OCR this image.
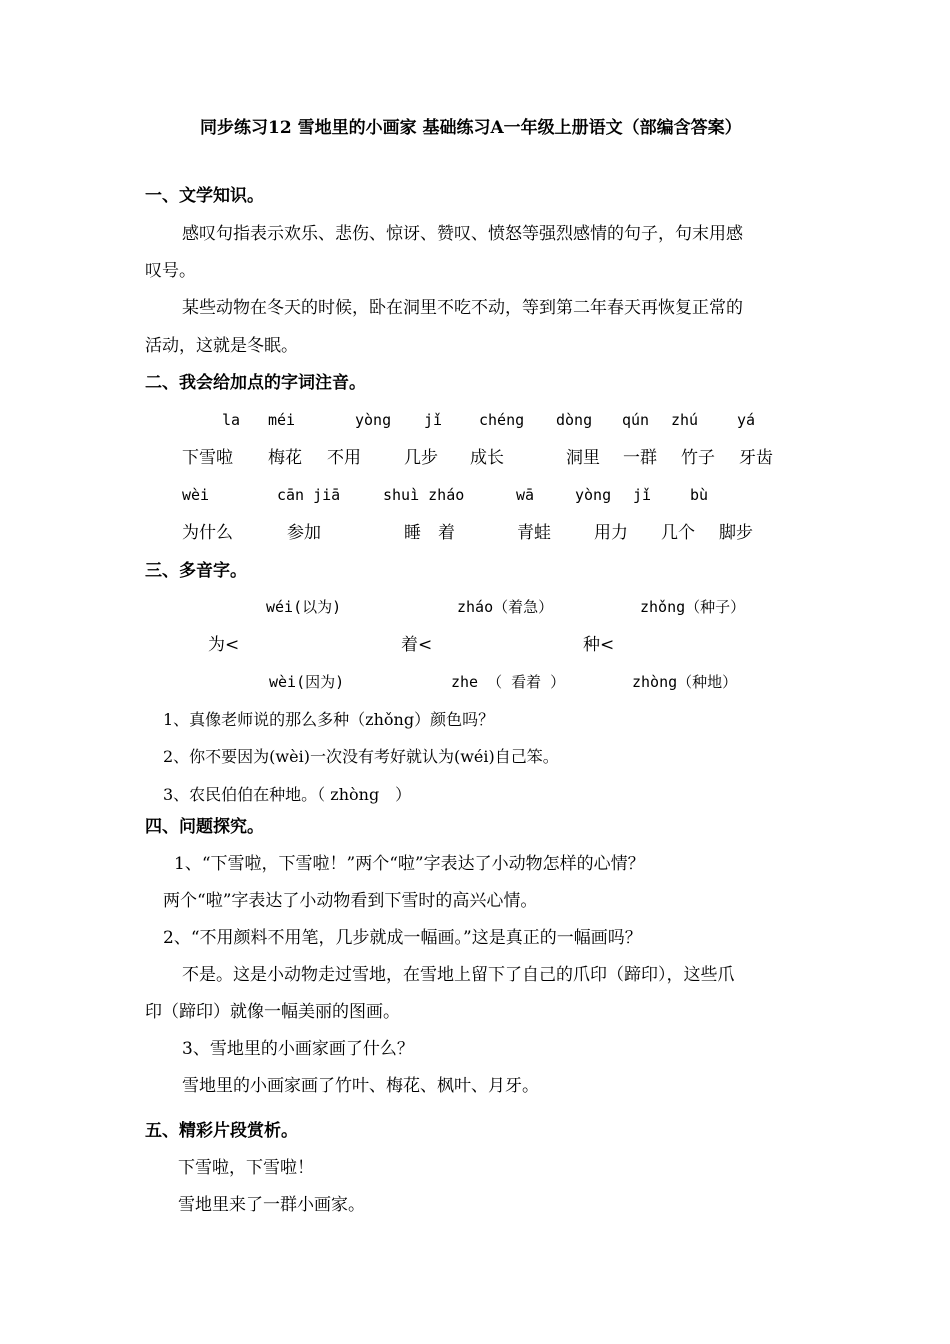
同步练习12 雪地里的小画家 基础练习A一年级上册语文（部编含答案）
一、文学知识。
感叹句指表示欢乐、悲伤、惊讶、赞叹、愤怒等强烈感情的句子，句末用感
叹号。
某些动物在冬天的时候，卧在洞里不吃不动，等到第二年春天再恢复正常的
活动，这就是冬眠。
二、我会给加点的字词注音。
la méi	yòng jǐ chéng dòng qún zhú	yá
下雪啦 梅花 不用	几步 成长	洞里 一群 竹子 牙齿
wèi	cān jiā	shuì zháo	wā	yòng jǐ	bù
为什么	参加	睡　着	青蛙	用力 几个 脚步
三、多音字。
wéi(以为)	zháo（着急）	zhǒng（种子）
为<	着<	种<
wèi(因为)	zhe （ 看着 ）	zhòng（种地）
1、真像老师说的那么多种（zhǒng）颜色吗？
2、你不要因为(wèi)一次没有考好就认为(wéi)自己笨。
3、农民伯伯在种地。（ zhòng　）
四、问题探究。
1、“下雪啦，下雪啦！”两个“啦”字表达了小动物怎样的心情？
两个“啦”字表达了小动物看到下雪时的高兴心情。
2、“不用颜料不用笔，几步就成一幅画。”这是真正的一幅画吗？
不是。这是小动物走过雪地，在雪地上留下了自己的爪印（蹄印），这些爪
印（蹄印）就像一幅美丽的图画。
3、雪地里的小画家画了什么？
雪地里的小画家画了竹叶、梅花、枫叶、月牙。
五、精彩片段赏析。
下雪啦，下雪啦！
雪地里来了一群小画家。
